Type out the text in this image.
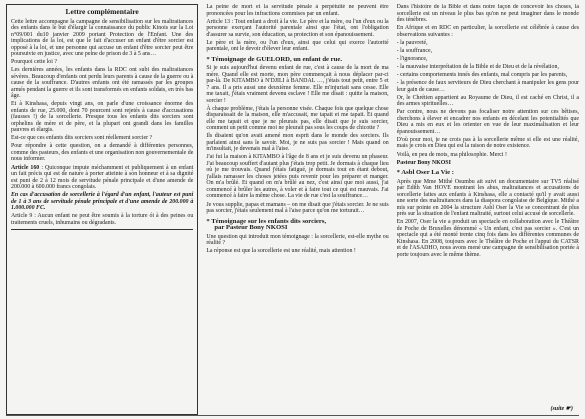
Lettre complémentaire

Cette lettre accompagne la campagne de sensibilisation sur les maltraitances des enfants dans le but d'élargir la connaissance du public Kinois sur la Loi n°09/001 du10 janvier 2009 portant Protection de l'Enfant. Une des implications de la loi, est que le fait d'accuser un enfant d'être sorcier est opposé à la loi, et une personne qui accuse un enfant d'être sorcier peut être poursuivie en justice, avec une peine de prison de 3 à 5 ans…

Pourquoi cette loi ?

Les dernières années, les enfants dans la RDC ont subi des maltraitances sévères. Beaucoup d'enfants ont perdu leurs parents à cause de la guerre ou à cause de la souffrance. D'autres enfants ont été ramassés par les groupes armés pendant la guerre et ils sont transformés en enfants soldats, en très bas âge.

Et à Kinshasa, depuis vingt ans, on parle d'une croissance énorme des enfants de rue, 25.000, dont 70 pourcent sont rejetés à cause d'accusations (fausses !) de la sorcellerie. Presque tous les enfants dits sorciers sont orphelins de mère et de père, et la plupart ont grandi dans les familles pauvres et élargis.

Est-ce que ces enfants dits sorciers sont réellement sorcier ?

Pour répondre à cette question, on a demandé à différentes personnes, comme des pasteurs, des enfants et une organisation non gouvernementale de nous informer.

Article 160 : Quiconque impute méchamment et publiquement à un enfant un fait précis qui est de nature à porter atteinte à son honneur et à sa dignité est puni de 2 à 12 mois de servitude pénale principale et d'une amende de 200.000 à 600.000 francs congolais.

En cas d'accusation de sorcellerie à l'égard d'un enfant, l'auteur est puni de 1 à 3 ans de servitude pénale principale et d'une amende de 200.000 à 1.000.000 FC.

Article 9 : Aucun enfant ne peut être soumis à la torture ói à des peines ou traitements cruels, inhumains ou dégradants.

La peine de mort et la servitude pénale à perpétuité ne peuvent être prononcées pour les infractions commises par un enfant.

Article 13 : Tout enfant a droit à la vie. Le père et la mère, ou l'un d'eux ou la personne exerçant l'autorité parentale ainsi que l'état, ont l'obligation d'assurer sa survie, son éducation, sa protection et son épanouissement.

Le père et la mère, ou l'un d'eux, ainsi que celui qui exerce l'autorité parentale, ont le devoir d'élever leur enfant.

* Témoignage de GUELORD, un enfant de rue.

Si je suis aujourd'hui devenu enfant de rue, c'est à cause de la mort de ma mère. Quand elle est morte, mon père commençait à nous déplacer par-ci par-là. De KITAMBO à N'DJILI à BANDAL …, j'étais tout petit, entre 5 et 7 ans. Il a pris aussi une deuxième femme. Elle m'injuriait sans cesse. Elle me taxait, j'étais vraiment devenu esclave ! Elle me disait : quitte la maison, sorcier !

À chaque problème, j'étais la personne visée. Chaque fois que quelque chose disparaissait de la maison, elle m'accusait, me tapait et me tapait. Et quand elle me tapait et que je ne pleurais pas, elle disait que je suis sorcier, comment un petit comme moi ne pleurait pas sous les coups de chicotte ?

Ils disaient qu'on avait amené mon esprit dans le monde des sorciers. Ils parlaient ainsi sans le savoir. Moi, je ne suis pas sorcier ! Mais quand on m'insultait, je devenais mal à l'aise.

J'ai fui la maison à KITAMBO à l'âge de 8 ans et je suis devenu un phaseur. J'ai beaucoup souffert d'autant plus j'étais trop petit. Je dormais à chaque lieu où je me trouvais. Quand j'étais fatigué, je dormais tout en étant debout, j'allais ramasser les choses jetées puis revenir pour les préparer et manger. On m'a brûlé. Et quand on m'a brûlé au nez, c'est ainsi que moi aussi, j'ai commencé à brûler les autres, à voler et à faire tout ce qui est mauvais. J'ai commencé à faire la même chose. La vie de rue c'est la souffrance…

Je vous supplie, papas et mamans – on me disait que j'étais sorcier. Je ne suis pas sorcier, j'étais seulement mal à l'aise parce qu'on me torturait…

* Témoignage sur les enfants dits sorciers,
par Pasteur Bony NKOSI

Une question qui introduit mon témoignage : la sorcellerie, est-elle mythe ou réalité ?

La réponse est que la sorcellerie est une réalité, mais attention !

Dans l'histoire de la Bible et dans notre façon de concevoir les choses, la sorcellerie est un niveau le plus bas qu'on ne peut imaginer dans le monde des ténèbres.

En Afrique et en RDC en particulier, la sorcellerie est célébrée à cause des observations suivantes :

- la pauvreté,

- la souffrance,

- l'ignorance,

- la mauvaise interprétation de la Bible et de Dieu et de la révélation,

- certains comportements innés des enfants, mal compris par les parents,

- la présence de faux serviteurs de Dieu cherchant à manipuler les gens pour leur gain de cause…

Or, le Chrétien appartient au Royaume de Dieu, il est caché en Christ, il a des armes spirituelles…

Par contre, nous ne devons pas focaliser notre attention sur ces bêtises, cherchons à élever et encadrer nos enfants en décelant les potentialités que Dieu a mis en eux et les orienter en vue de leur maximalisation et leur épanouissement…

D'où pour moi, je ne crois pas à la sorcellerie même si elle est une réalité, mais je crois en Dieu qui est la raison de notre existence.

Voilà, en peu de mots, ma philosophie. Merci !

Pasteur Bony NKOSI

* Asbl Oser La Vie :

Après que Mme Mithé Osumbu ait suivi un documentaire sur TV5 réalisé par Edith Van HOVE montrant les abus, maltraitances et accusations de sorcellerie faites aux enfants à Kinshasa, elle a contacté qu'il y avait aussi une sorte des maltraitances dans la diaspora congolaise de Belgique. Mithé a mis sur pointe en 2004 la structure Asbl Oser la Vie se concentrant de plus près sur la situation de l'enfant maltraité, surtout celui accusé de sorcellerie.

En 2007, Oser la vie a produit un spectacle en collaboration avec le Théâtre de Poche de Bruxelles dénommé « Un enfant, c'est pas sorcier ». C'est un spectacle qui a été monté trente cinq fois dans les différentes communes de Kinshasa. En 2008, toujours avec le Théâtre de Poche et l'appui du CATSR et de l'ASADHO, nous avons mené une campagne de sensibilisation portée à porte toujours avec le même thème.

(suite ☛)
